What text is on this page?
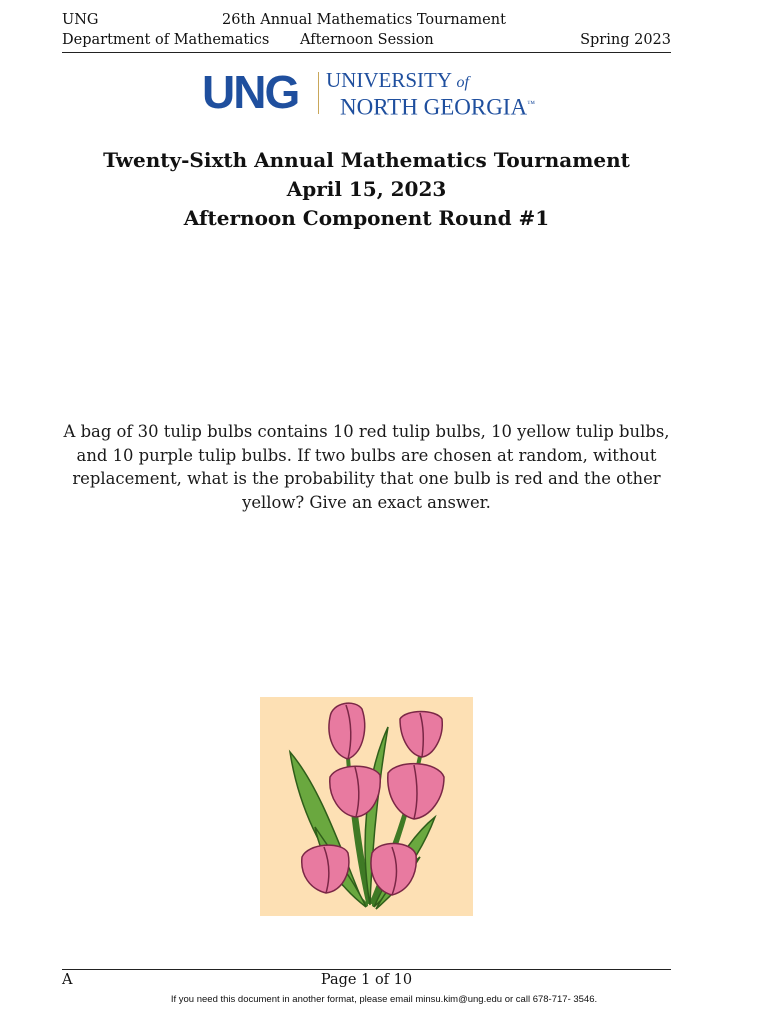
UNG	26th Annual Mathematics Tournament
Department of Mathematics Afternoon Session	Spring 2023
UNG UNIVERSITY of
NORTH GEORGIA™
Twenty-Sixth Annual Mathematics Tournament
April 15, 2023
Afternoon Component Round #1
A bag of 30 tulip bulbs contains 10 red tulip bulbs, 10 yellow tulip bulbs, and 10 purple tulip bulbs. If two bulbs are chosen at random, without replacement, what is the probability that one bulb is red and the other yellow? Give an exact answer.
A	Page 1 of 10
If you need this document in another format, please email minsu.kim@ung.edu or call 678-717- 3546.
